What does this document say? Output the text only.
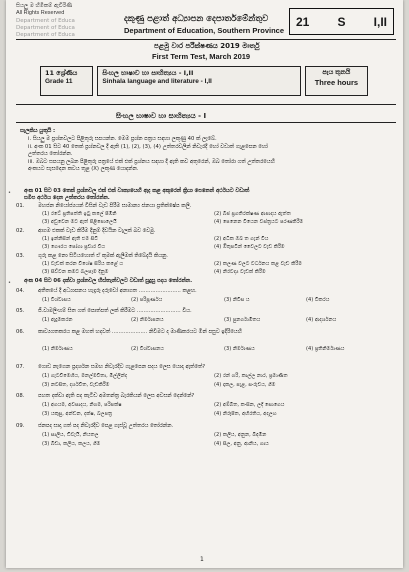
සියලු ම හිමිකම් ඇවිරිණි
All Rights Reserved
Department of Educa
Department of Educa
Department of Educa
දකුණු පළාත් අධ්‍යාපන දෙපාර්තමේන්තුව
Department of Education, Southern Province
21 S I,II
පළමු වාර පරීක්ෂණය 2019 මාර්තු
First Term Test, March 2019
11 ශ්‍රේණිය
Grade 11
සිංහල භාෂාව හා සාහිත්‍යය - I,II
Sinhala language and literature - I,II
පැය තුනයි
Three hours
සිංහල භාෂාව හා සාහිත්‍යය - I
සැලකිය යුතුයි :
i. සියලු ම ප්‍රශ්නවලට පිළිතුරු සපයන්න. මෙම ප්‍රශ්න පත්‍රය සඳහා ලකුණු 40 ක් ලැබේ.
ii. අංක 01 සිට 40 තෙක් ප්‍රශ්නවල දී ඇති (1), (2), (3), (4) උත්තරවලින් නිවැරදි හෝ වඩාත් ගැළපෙන හෝ
උත්තරය තෝරන්න.
iii. ඔබට සපයනු ලබන පිළිතුරු පත්‍රයේ එක් එක් ප්‍රශ්නය සඳහා දී ඇති කව අතුරෙන්, ඔබ තෝරා ගත් උත්තරයෙහි
අංකයට සැසඳෙන කවය තුළ (X) ලකුණ යොදන්න.
• අංක 01 සිට 03 තෙක් ප්‍රශ්නවල එක් එක් වාක්‍යයෙහි ඇද කළ අකුරෙන් ක්‍රියා පෙනෙන් අර්ථයට වඩාත්
සමීප අර්ථය දෙන උත්තරය තෝරන්න.
01.	මහජන නියෝජ්‍යයන් විසින් වැඩ පිරීම සාමාන්‍ය ජනයා ප්‍රතික්ෂේප කලි.
(1) රටේ ප්‍රතිපත්ති ඉටු කලේ පිඹිනි	(2) බීජ ප්‍රගතිරක්ෂණ ආපාදය ඇත්ත
(3) අඩුවෙන මට ඇත් පිළිපොලෙයි	(4) පෙනෙන වියෙන වස්ත්‍රයට පරණකිරීම
02.	ආගම එකක් වැඩ කිරීම දිනුම් දිවයින වැලක් බව වෙමු.
(1) ඉන්නිසින් ඇති එම සිටි	(2) අධික ඔබ ත ගැන් විය
(3) ගෞරය පෝගා ප්‍රචාර විය	(4) ඔිතුපටින් වෛලට වැඩ කිරීම
03.	ගුරු කළ නො සිටියහොත් ඒ කුමක් ඇලීමක් තිබේදැයි කියනු.
(1) වැඩක් කරන විශේෂ සිරිය කළේ ය	(2) කලණ වලට වර්ධනය කළ වැඩ කිරීම
(3) සිව්වන කමට බලපෑම දිනුම	(4) නිරවද්‍ය වැඩක් කිරීම
• අංක 04 සිට 06 දක්වා ප්‍රශ්නවල හිස්තැන්වලට වඩාත් සුදුසු පදය තෝරන්න.
04.	අතීතයේ දී අධ්‍යාපනය හැදෑරූ දරුවෝ අනාගත ......................... කළහ.
(1) විශ්වාසය	(2) පරිපූර්ණය	(3) නිවිස ය	(4) විකරය
05.	ජී.වාමලිංහම් සිත ගත් පොත්පත් ලක් කිරීමට .......................... විය.
(1) ඇදුමකරන	(2) නිර්මාපනය	(3) පුනර්ගාමිතය	(4) ආදර්ශනය
06.	කාව්‍යගතකරය කළ මහත් හදවත් ..................... නිවීමට ද මාණිකරයට මින් පසුව ඉදිරියෙහි
(1) නිර්මාණය	(2) විශ්වාසනය	(3) නිර්මාණය	(4) ප්‍රතිනිර්මාණය
07.	ගොඩ නැගෙන ප්‍රදර්ශන සමඟ නිවැරදිව ගැළපෙන පදය ලෙස යොදා ඇත්තේ?
(1) ගැටවිමෙහිය, මනල්මවිතා, මිල්ලින්ද	(2) රන් ගරි, කාල්ල නාර, ප්‍රමාණිත
(3) නවසිත, දර්ශවිත, වැඩකිරීම	(4) දාකල, පැළ, සංරුචය, ගිම
08.	පහත දක්වා ඇති පද කැටිඩ අමතන්ත්‍ර බැරකියන් ලෙස අවසන් දෙන්නේ?
(1) අගයම, අවසාදය, නිගම, පරිපක්ෂ	(2) අම්බිත, කංසින, ලදී සොගෙය
(3) යකුසු, අන්ඩන, දක්ෂ, බලපත්‍ර	(4) නිරූපිත, අභිරතිය, අදලහ
09.	ජනපද සාදා ගත් පද නිවැරදිව පෙළ ගැස්වූ උත්තරය තෝරන්න.
(1) සාලිය, ඩිවැයි, නියතල	(2) කලිය, අනුන, බිඳමින
(3) බිඩා, කලිය, කලය, ගිම	(4) සිල, අනු, ආනිය, ගාය
1
